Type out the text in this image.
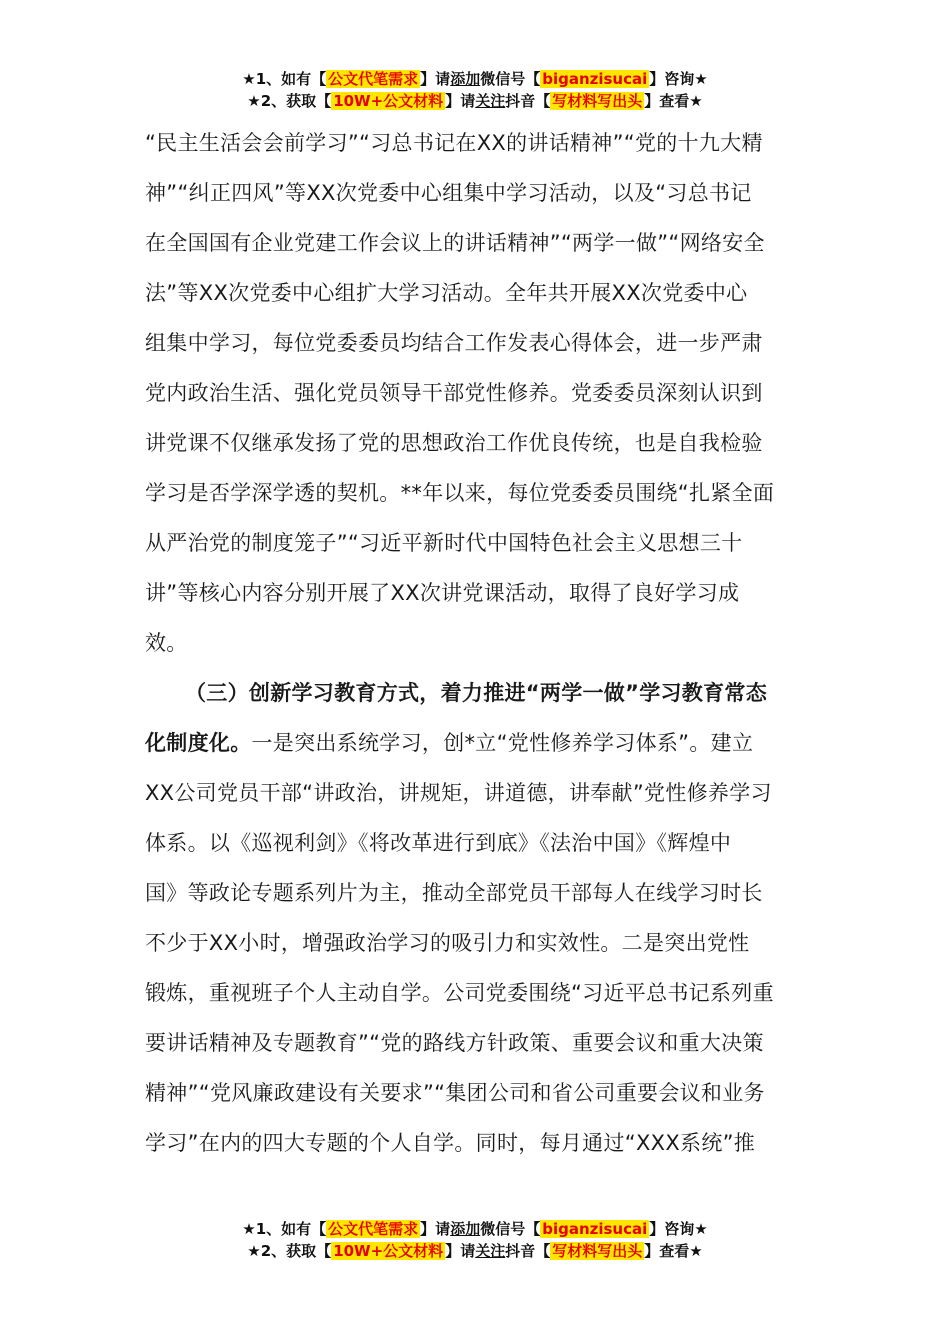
★1、如有【 公文代笔需求 】请添加微信号【 biganzisucai 】咨询★
★2、获取【 10W+公文材料 】请关注抖音【 写材料写出头 】查看★
“民主生活会会前学习”“习总书记在XX的讲话精神”“党的十九大精
神”“纠正四风”等XX次党委中心组集中学习活动，以及“习总书记
在全国国有企业党建工作会议上的讲话精神”“两学一做”“网络安全
法”等XX次党委中心组扩大学习活动。全年共开展XX次党委中心
组集中学习，每位党委委员均结合工作发表心得体会，进一步严肃
党内政治生活、强化党员领导干部党性修养。党委委员深刻认识到
讲党课不仅继承发扬了党的思想政治工作优良传统，也是自我检验
学习是否学深学透的契机。**年以来，每位党委委员围绕“扎紧全面
从严治党的制度笼子”“习近平新时代中国特色社会主义思想三十
讲”等核心内容分别开展了XX次讲党课活动，取得了良好学习成
效。
（三）创新学习教育方式，着力推进“两学一做”学习教育常态
化制度化。一是突出系统学习，创*立“党性修养学习体系”。建立
XX公司党员干部“讲政治，讲规矩，讲道德，讲奉献”党性修养学习
体系。以《巡视利剑》《将改革进行到底》《法治中国》《辉煌中
国》等政论专题系列片为主，推动全部党员干部每人在线学习时长
不少于XX小时，增强政治学习的吸引力和实效性。二是突出党性
锻炼，重视班子个人主动自学。公司党委围绕“习近平总书记系列重
要讲话精神及专题教育”“党的路线方针政策、重要会议和重大决策
精神”“党风廉政建设有关要求”“集团公司和省公司重要会议和业务
学习”在内的四大专题的个人自学。同时，每月通过“XXX系统”推
★1、如有【 公文代笔需求 】请添加微信号【 biganzisucai 】咨询★
★2、获取【 10W+公文材料 】请关注抖音【 写材料写出头 】查看★
